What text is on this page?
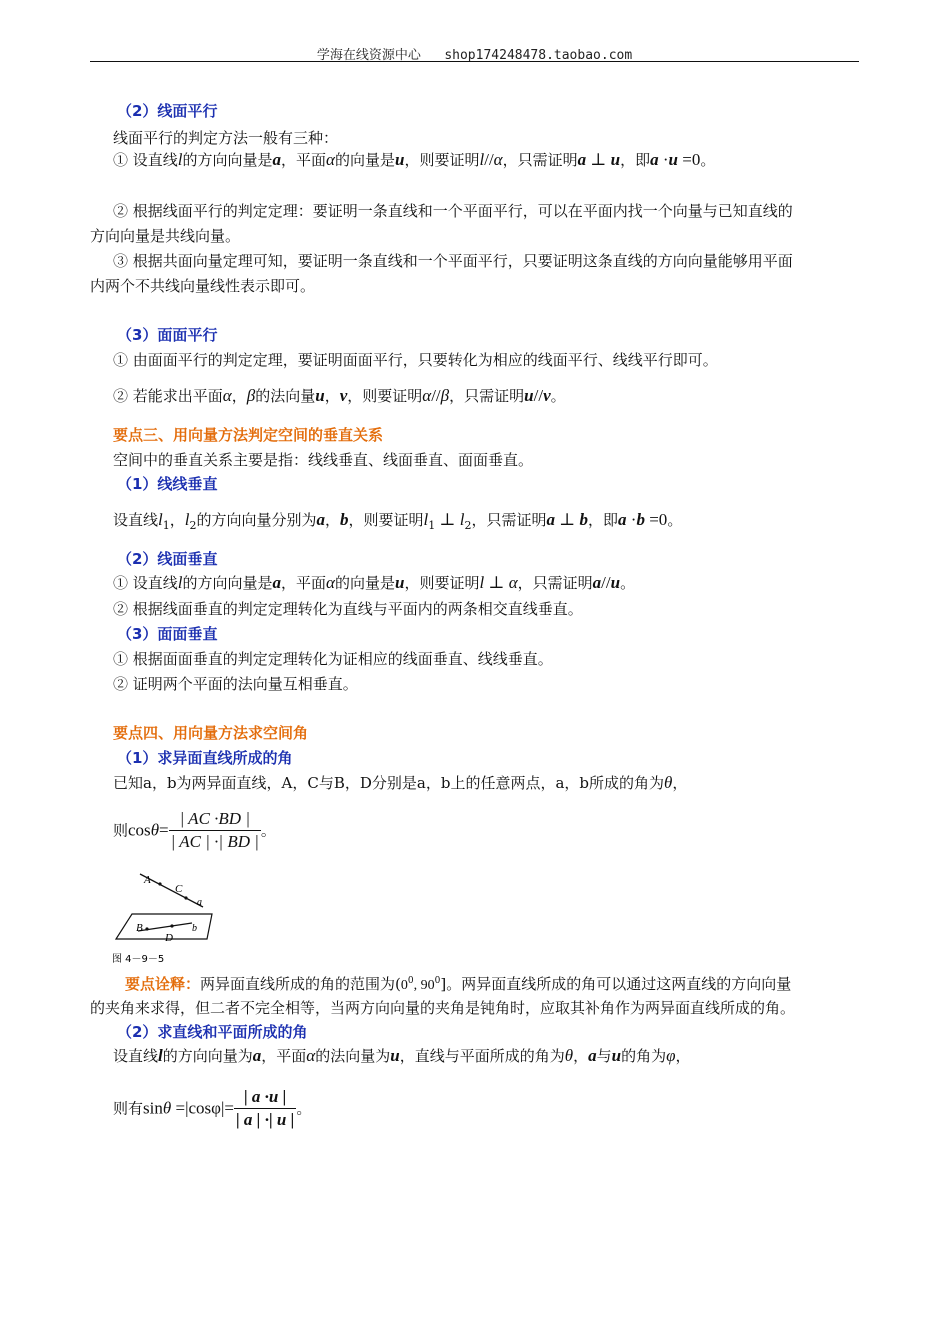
学海在线资源中心 shop174248478.taobao.com
（2）线面平行
线面平行的判定方法一般有三种：
① 设直线l的方向向量是a，平面α的向量是u，则要证明l//α，只需证明a ⊥ u，即a ·u =0。
② 根据线面平行的判定定理：要证明一条直线和一个平面平行，可以在平面内找一个向量与已知直线的
方向向量是共线向量。
③ 根据共面向量定理可知，要证明一条直线和一个平面平行，只要证明这条直线的方向向量能够用平面
内两个不共线向量线性表示即可。
（3）面面平行
① 由面面平行的判定定理，要证明面面平行，只要转化为相应的线面平行、线线平行即可。
② 若能求出平面α，β的法向量u，v，则要证明α//β，只需证明u//v。
要点三、用向量方法判定空间的垂直关系
空间中的垂直关系主要是指：线线垂直、线面垂直、面面垂直。
（1）线线垂直
设直线$l_1$，$l_2$的方向向量分别为a，b，则要证明$l_1$ ⊥ $l_2$，只需证明a ⊥ b，即a ·b =0。
（2）线面垂直
① 设直线l的方向向量是a，平面α的向量是u，则要证明l ⊥ α，只需证明a//u。
② 根据线面垂直的判定定理转化为直线与平面内的两条相交直线垂直。
（3）面面垂直
① 根据面面垂直的判定定理转化为证相应的线面垂直、线线垂直。
② 证明两个平面的法向量互相垂直。
要点四、用向量方法求空间角
（1）求异面直线所成的角
已知a，b为两异面直线，A，C与B，D分别是a，b上的任意两点，a，b所成的角为θ，
则$\cos\theta= \frac{| AC \cdot BD |}{| AC | \cdot| BD |}$ 。
A
C
a
B
D
b
图 4－9－5
要点诠释：两异面直线所成的角的范围为($0^0$, $90^0$]。两异面直线所成的角可以通过这两直线的方向向量
的夹角来求得，但二者不完全相等，当两方向向量的夹角是钝角时，应取其补角作为两异面直线所成的角。
（2）求直线和平面所成的角
设直线l的方向向量为a，平面α的法向量为u，直线与平面所成的角为θ，a与u的角为φ，
则有$\sin\theta =|\cos\varphi|= \frac{| a \cdot u |}{| a | \cdot| u |}$ 。
